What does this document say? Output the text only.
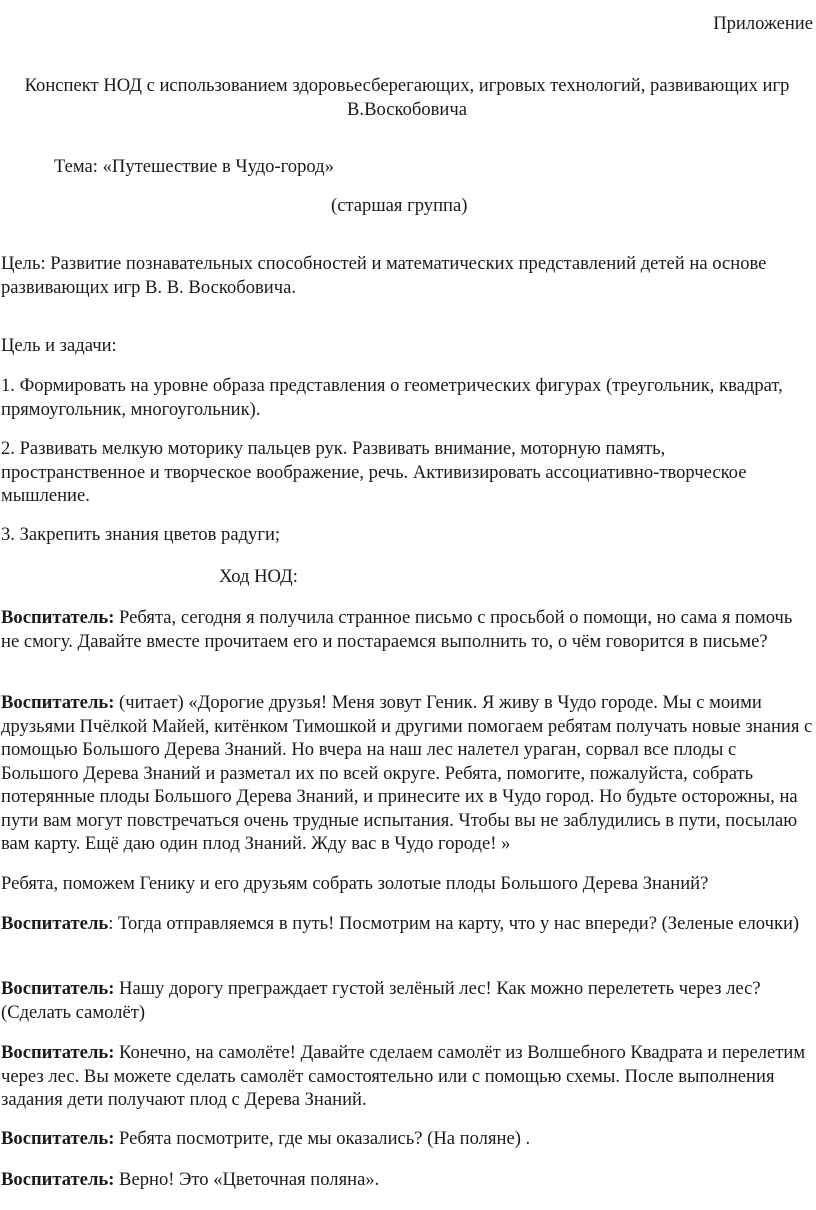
Приложение

Конспект НОД с использованием здоровьесберегающих, игровых технологий, развивающих игр
В.Воскобовича

Тема: «Путешествие в Чудо-город»

(старшая группа)

Цель: Развитие познавательных способностей и математических представлений детей на основе развивающих игр В. В. Воскобовича.

Цель и задачи:

1. Формировать на уровне образа представления о геометрических фигурах (треугольник, квадрат, прямоугольник, многоугольник).

2. Развивать мелкую моторику пальцев рук. Развивать внимание, моторную память, пространственное и творческое воображение, речь. Активизировать ассоциативно-творческое мышление.

3. Закрепить знания цветов радуги;

Ход НОД:

Воспитатель: Ребята, сегодня я получила странное письмо с просьбой о помощи, но сама я помочь не смогу. Давайте вместе прочитаем его и постараемся выполнить то, о чём говорится в письме?

Воспитатель: (читает) «Дорогие друзья! Меня зовут Геник. Я живу в Чудо городе. Мы с моими друзьями Пчёлкой Майей, китёнком Тимошкой и другими помогаем ребятам получать новые знания с помощью Большого Дерева Знаний. Но вчера на наш лес налетел ураган, сорвал все плоды с Большого Дерева Знаний и разметал их по всей округе. Ребята, помогите, пожалуйста, собрать потерянные плоды Большого Дерева Знаний, и принесите их в Чудо город. Но будьте осторожны, на пути вам могут повстречаться очень трудные испытания. Чтобы вы не заблудились в пути, посылаю вам карту. Ещё даю один плод Знаний. Жду вас в Чудо городе! »

Ребята, поможем Генику и его друзьям собрать золотые плоды Большого Дерева Знаний?

Воспитатель: Тогда отправляемся в путь! Посмотрим на карту, что у нас впереди? (Зеленые елочки)

Воспитатель: Нашу дорогу преграждает густой зелёный лес! Как можно перелететь через лес? (Сделать самолёт)

Воспитатель: Конечно, на самолёте! Давайте сделаем самолёт из Волшебного Квадрата и перелетим через лес. Вы можете сделать самолёт самостоятельно или с помощью схемы. После выполнения задания дети получают плод с Дерева Знаний.

Воспитатель: Ребята посмотрите, где мы оказались? (На поляне) .

Воспитатель: Верно! Это «Цветочная поляна».
